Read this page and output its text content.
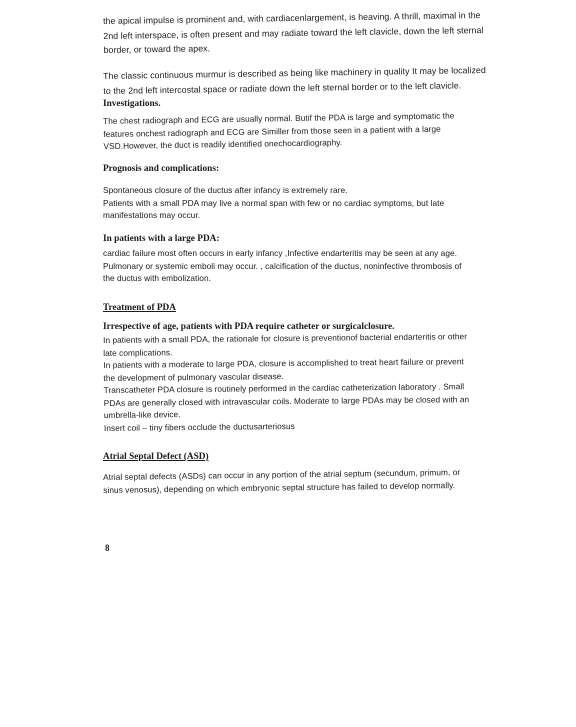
the apical impulse is prominent and, with cardiacenlargement, is heaving. A thrill, maximal in the
2nd left interspace, is often present and may radiate toward the left clavicle, down the left sternal
border, or toward the apex.

The classic continuous murmur is described as being like machinery in quality It may be localized
to the 2nd left intercostal space or radiate down the left sternal border or to the left clavicle.

Investigations.

The chest radiograph and ECG are usually normal. Butif the PDA is large and symptomatic the
features onchest radiograph and ECG are Similler from those seen in a patient with a large
VSD.However, the duct is readily identified onechocardiography.

Prognosis and complications:

Spontaneous closure of the ductus after infancy is extremely rare.
Patients with a small PDA may live a normal span with few or no cardiac symptoms, but late
manifestations may occur.

In patients with a large PDA:

cardiac failure most often occurs in early infancy ,Infective endarteritis may be seen at any age.
Pulmonary or systemic emboli may occur. , calcification of the ductus, noninfective thrombosis of
the ductus with embolization.

Treatment of PDA
Irrespective of age, patients with PDA require catheter or surgicalclosure.

In patients with a small PDA, the rationale for closure is preventionof bacterial endarteritis or other
late complications.
In patients with a moderate to large PDA, closure is accomplished to treat heart failure or prevent
the development of pulmonary vascular disease.
Transcatheter PDA closure is routinely performed in the cardiac catheterization laboratory . Small
PDAs are generally closed with intravascular coils. Moderate to large PDAs may be closed with an
umbrella-like device.
Insert coil – tiny fibers occlude the ductusarteriosus

Atrial Septal Defect (ASD)

Atrial septal defects (ASDs) can occur in any portion of the atrial septum (secundum, primum, or
sinus venosus), depending on which embryonic septal structure has failed to develop normally.

8
